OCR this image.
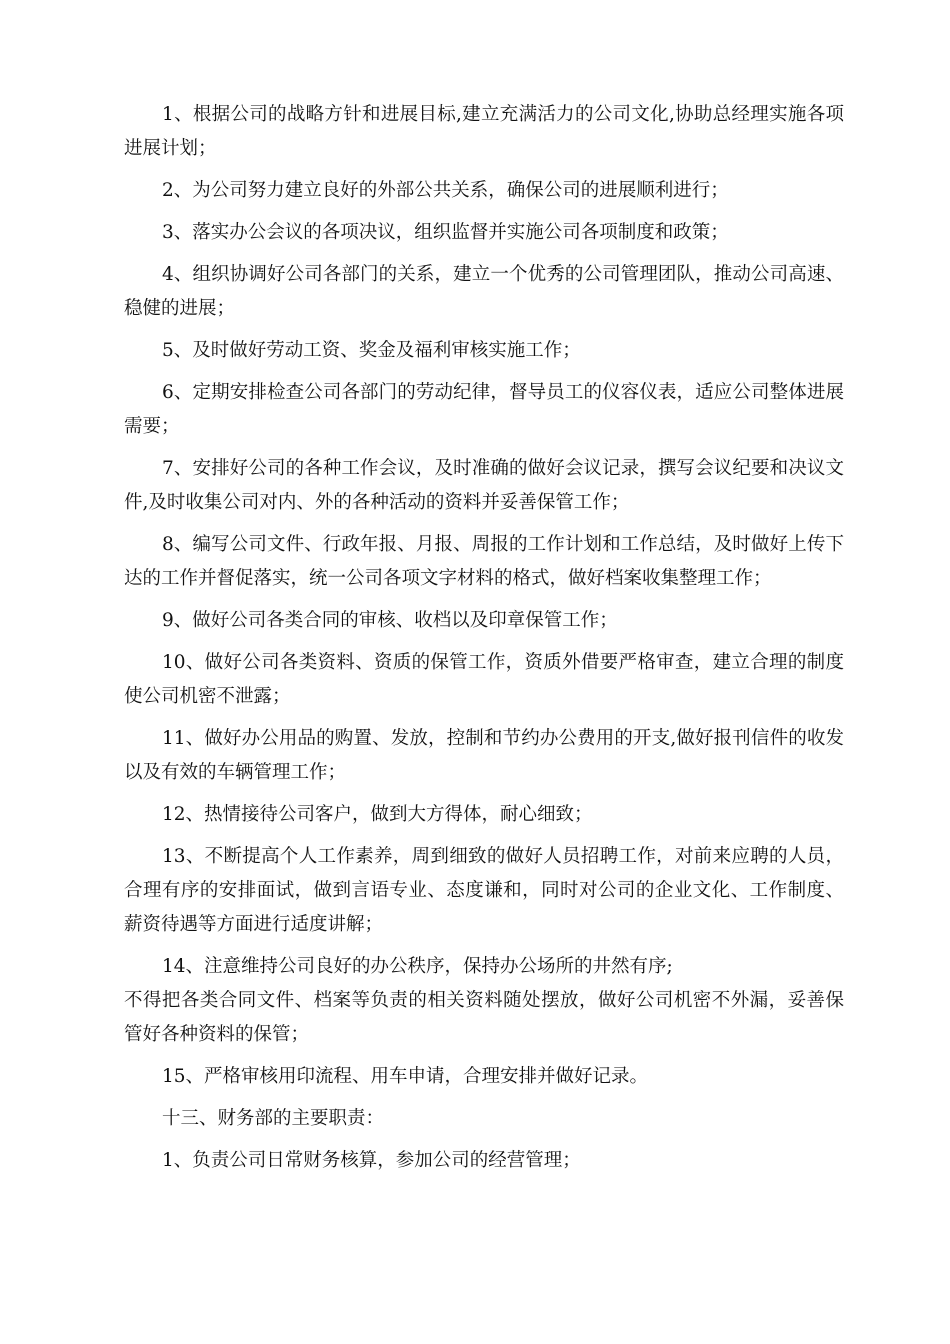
1、根据公司的战略方针和进展目标,建立充满活力的公司文化,协助总经理实施各项进展计划；

2、为公司努力建立良好的外部公共关系，确保公司的进展顺利进行；

3、落实办公会议的各项决议，组织监督并实施公司各项制度和政策；

4、组织协调好公司各部门的关系，建立一个优秀的公司管理团队，推动公司高速、稳健的进展；

5、及时做好劳动工资、奖金及福利审核实施工作；

6、定期安排检查公司各部门的劳动纪律，督导员工的仪容仪表，适应公司整体进展需要；

7、安排好公司的各种工作会议，及时准确的做好会议记录，撰写会议纪要和决议文件,及时收集公司对内、外的各种活动的资料并妥善保管工作；

8、编写公司文件、行政年报、月报、周报的工作计划和工作总结，及时做好上传下达的工作并督促落实，统一公司各项文字材料的格式，做好档案收集整理工作；

9、做好公司各类合同的审核、收档以及印章保管工作；

10、做好公司各类资料、资质的保管工作，资质外借要严格审查，建立合理的制度使公司机密不泄露；

11、做好办公用品的购置、发放，控制和节约办公费用的开支,做好报刊信件的收发以及有效的车辆管理工作；

12、热情接待公司客户，做到大方得体，耐心细致；

13、不断提高个人工作素养，周到细致的做好人员招聘工作，对前来应聘的人员，合理有序的安排面试，做到言语专业、态度谦和，同时对公司的企业文化、工作制度、薪资待遇等方面进行适度讲解；

14、注意维持公司良好的办公秩序，保持办公场所的井然有序;

不得把各类合同文件、档案等负责的相关资料随处摆放，做好公司机密不外漏，妥善保管好各种资料的保管；

15、严格审核用印流程、用车申请，合理安排并做好记录。

十三、财务部的主要职责：

1、负责公司日常财务核算，参加公司的经营管理；
